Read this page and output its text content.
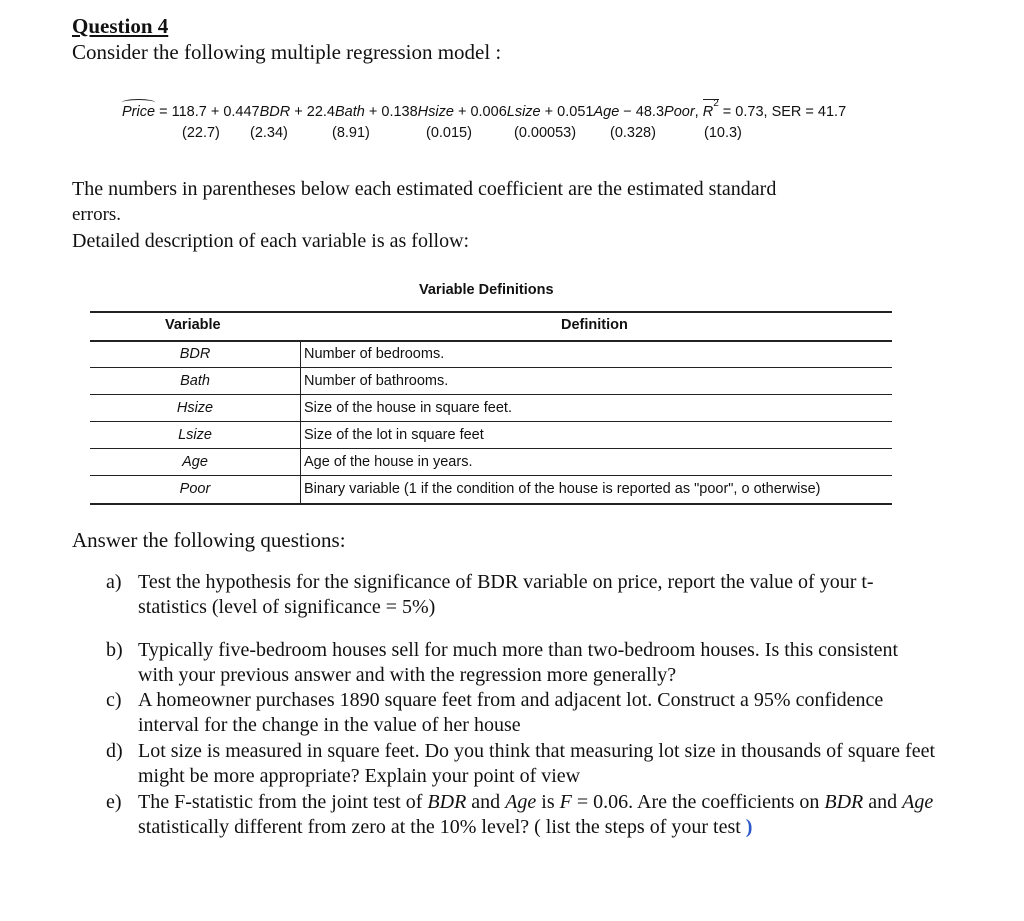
Question 4
Consider the following multiple regression model :
Price = 118.7 + 0.447BDR + 22.4Bath + 0.138Hsize + 0.006Lsize + 0.051Age − 48.3Poor, $R^2 = 0.73$, SER = 41.7
(22.7) (2.34)	(8.91)	(0.015)	(0.00053) (0.328)	(10.3)
The numbers in parentheses below each estimated coefficient are the estimated standard
errors.
Detailed description of each variable is as follow:
Variable Definitions
Variable	Definition
BDR	Number of bedrooms.
Bath	Number of bathrooms.
Hsize	Size of the house in square feet.
Lsize	Size of the lot in square feet
Age	Age of the house in years.
Poor	Binary variable (1 if the condition of the house is reported as "poor", o otherwise)
Answer the following questions:
a) Test the hypothesis for the significance of BDR variable on price, report the value of your t- statistics (level of significance = 5%)
b) Typically five-bedroom houses sell for much more than two-bedroom houses. Is this consistent with your previous answer and with the regression more generally?
c) A homeowner purchases 1890 square feet from and adjacent lot. Construct a 95% confidence interval for the change in the value of her house
d) Lot size is measured in square feet. Do you think that measuring lot size in thousands of square feet might be more appropriate? Explain your point of view
e) The F-statistic from the joint test of BDR and Age is F = 0.06. Are the coefficients on BDR and Age statistically different from zero at the 10% level? ( list the steps of your test )
